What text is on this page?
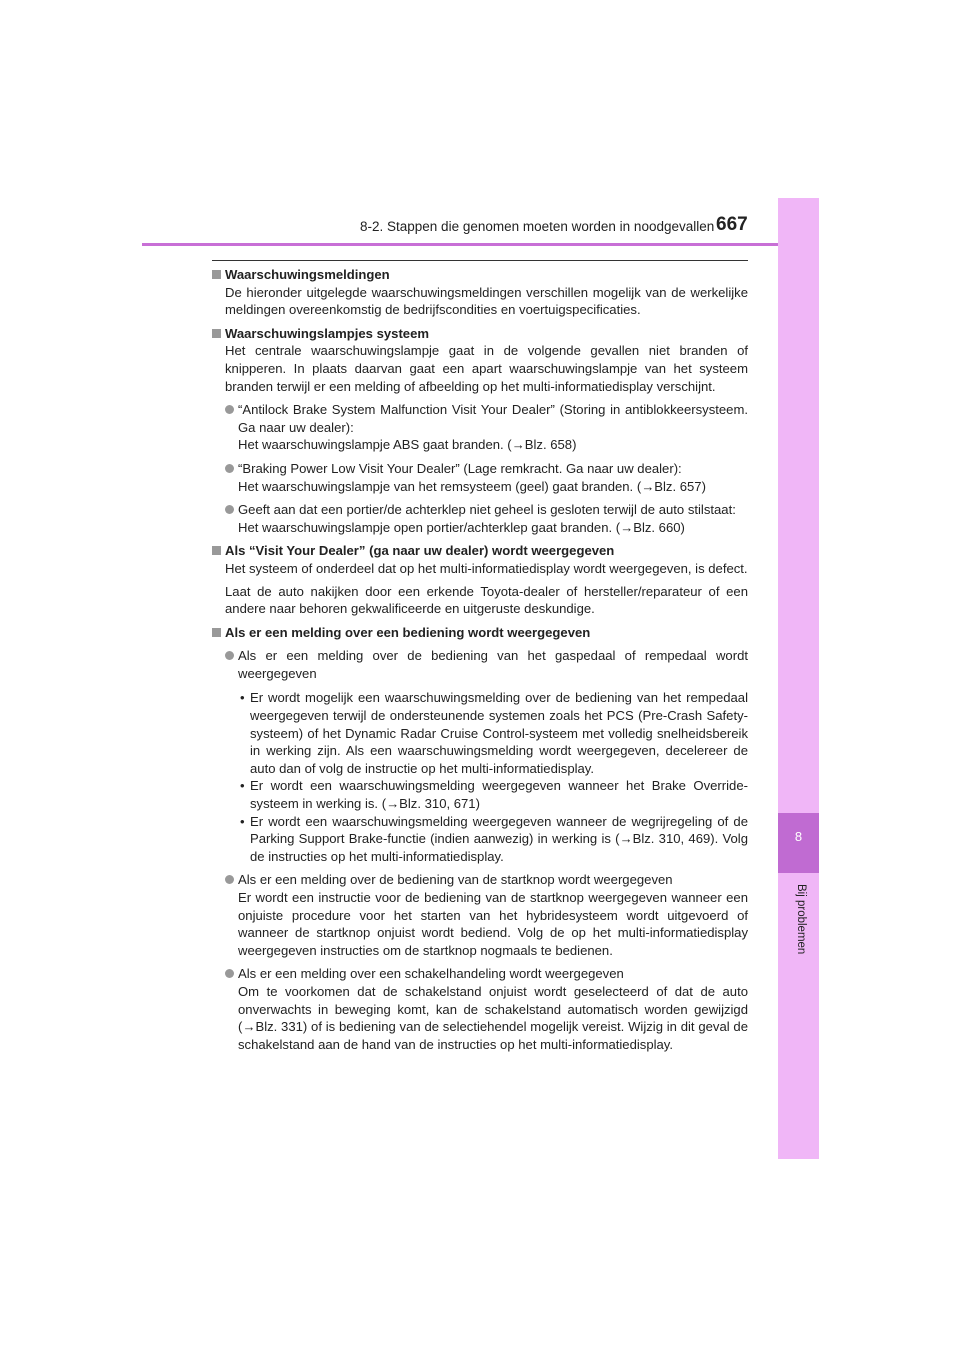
8-2. Stappen die genomen moeten worden in noodgevallen 667
8
Bij problemen
Waarschuwingsmeldingen
De hieronder uitgelegde waarschuwingsmeldingen verschillen mogelijk van de werkelijke meldingen overeenkomstig de bedrijfscondities en voertuigspecificaties.
Waarschuwingslampjes systeem
Het centrale waarschuwingslampje gaat in de volgende gevallen niet branden of knipperen. In plaats daarvan gaat een apart waarschuwingslampje van het systeem branden terwijl er een melding of afbeelding op het multi-informatiedisplay verschijnt.

“Antilock Brake System Malfunction Visit Your Dealer” (Storing in antiblokkeersysteem. Ga naar uw dealer):

Het waarschuwingslampje ABS gaat branden. (→Blz. 658)

“Braking Power Low Visit Your Dealer” (Lage remkracht. Ga naar uw dealer):

Het waarschuwingslampje van het remsysteem (geel) gaat branden. (→Blz. 657)

Geeft aan dat een portier/de achterklep niet geheel is gesloten terwijl de auto stilstaat:

Het waarschuwingslampje open portier/achterklep gaat branden. (→Blz. 660)

Als “Visit Your Dealer” (ga naar uw dealer) wordt weergegeven
Het systeem of onderdeel dat op het multi-informatiedisplay wordt weergegeven, is defect.
Laat de auto nakijken door een erkende Toyota-dealer of hersteller/reparateur of een andere naar behoren gekwalificeerde en uitgeruste deskundige.
Als er een melding over een bediening wordt weergegeven

Als er een melding over de bediening van het gaspedaal of rempedaal wordt weergegeven

• Er wordt mogelijk een waarschuwingsmelding over de bediening van het rempedaal weergegeven terwijl de ondersteunende systemen zoals het PCS (Pre-Crash Safety-systeem) of het Dynamic Radar Cruise Control-systeem met volledig snelheidsbereik in werking zijn. Als een waarschuwingsmelding wordt weergegeven, decelereer de auto dan of volg de instructie op het multi-informatiedisplay.
• Er wordt een waarschuwingsmelding weergegeven wanneer het Brake Override-systeem in werking is. (→Blz. 310, 671)
• Er wordt een waarschuwingsmelding weergegeven wanneer de wegrijregeling of de Parking Support Brake-functie (indien aanwezig) in werking is (→Blz. 310, 469). Volg de instructies op het multi-informatiedisplay.

Als er een melding over de bediening van de startknop wordt weergegeven

Er wordt een instructie voor de bediening van de startknop weergegeven wanneer een onjuiste procedure voor het starten van het hybridesysteem wordt uitgevoerd of wanneer de startknop onjuist wordt bediend. Volg de op het multi-informatiedisplay weergegeven instructies om de startknop nogmaals te bedienen.

Als er een melding over een schakelhandeling wordt weergegeven

Om te voorkomen dat de schakelstand onjuist wordt geselecteerd of dat de auto onverwachts in beweging komt, kan de schakelstand automatisch worden gewijzigd (→Blz. 331) of is bediening van de selectiehendel mogelijk vereist. Wijzig in dit geval de schakelstand aan de hand van de instructies op het multi-informatiedisplay.
